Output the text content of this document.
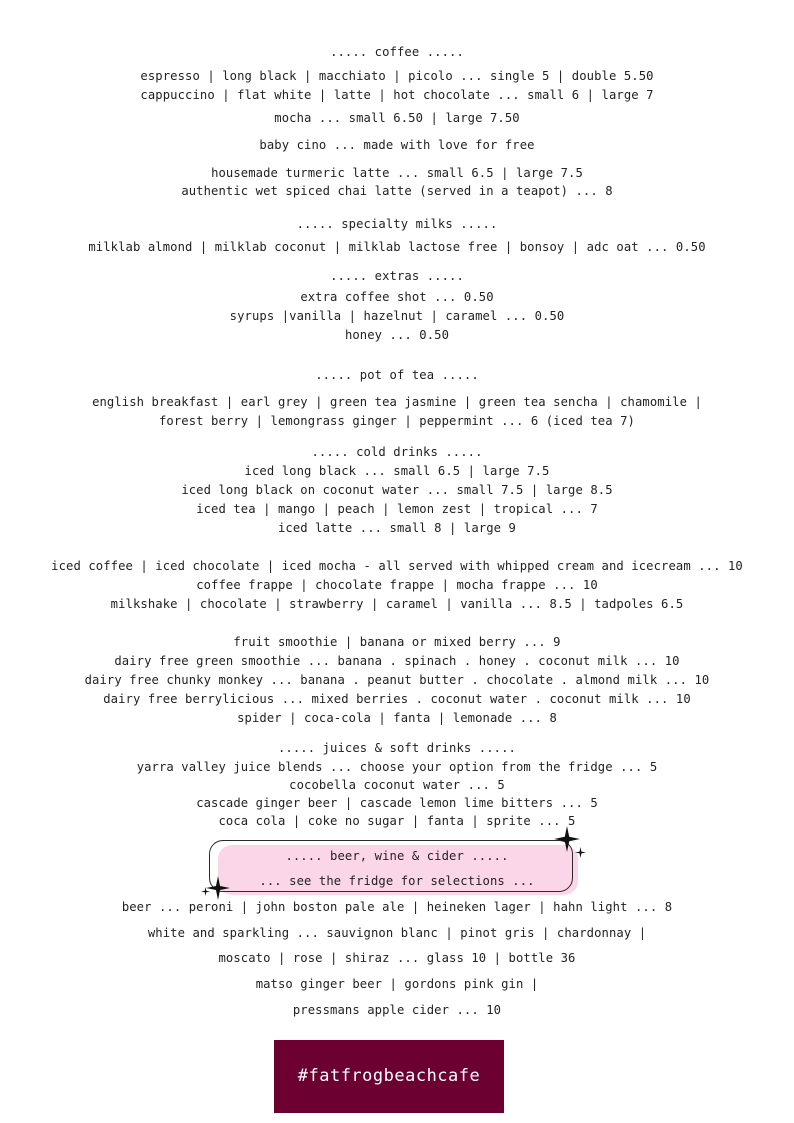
..... coffee .....
espresso | long black | macchiato | picolo ... single 5 | double 5.50
cappuccino | flat white | latte | hot chocolate ... small 6 | large 7
mocha ... small 6.50 | large 7.50
baby cino ... made with love for free
housemade turmeric latte ... small 6.5 | large 7.5
authentic wet spiced chai latte (served in a teapot) ... 8
..... specialty milks .....
milklab almond | milklab coconut | milklab lactose free | bonsoy | adc oat ... 0.50
..... extras .....
extra coffee shot ... 0.50
syrups |vanilla | hazelnut | caramel ... 0.50
honey ... 0.50
..... pot of tea .....
english breakfast | earl grey | green tea jasmine | green tea sencha | chamomile |
forest berry | lemongrass ginger | peppermint ... 6 (iced tea 7)
..... cold drinks .....
iced long black ... small 6.5 | large 7.5
iced long black on coconut water ... small 7.5 | large 8.5
iced tea | mango | peach | lemon zest | tropical ... 7
iced latte ... small 8 | large 9
iced coffee | iced chocolate | iced mocha - all served with whipped cream and icecream ... 10
coffee frappe | chocolate frappe | mocha frappe ... 10
milkshake | chocolate | strawberry | caramel | vanilla ... 8.5 | tadpoles 6.5
fruit smoothie | banana or mixed berry ... 9
dairy free green smoothie ... banana . spinach . honey . coconut milk ... 10
dairy free chunky monkey ... banana . peanut butter . chocolate . almond milk ... 10
dairy free berrylicious ... mixed berries . coconut water . coconut milk ... 10
spider | coca-cola | fanta | lemonade ... 8
..... juices & soft drinks .....
yarra valley juice blends ... choose your option from the fridge ... 5
cocobella coconut water ... 5
cascade ginger beer | cascade lemon lime bitters ... 5
coca cola | coke no sugar | fanta | sprite ... 5
..... beer, wine & cider .....
... see the fridge for selections ...
beer ... peroni | john boston pale ale | heineken lager | hahn light ... 8
white and sparkling ... sauvignon blanc | pinot gris | chardonnay |
moscato | rose | shiraz ... glass 10 | bottle 36
matso ginger beer | gordons pink gin |
pressmans apple cider ... 10
#fatfrogbeachcafe
